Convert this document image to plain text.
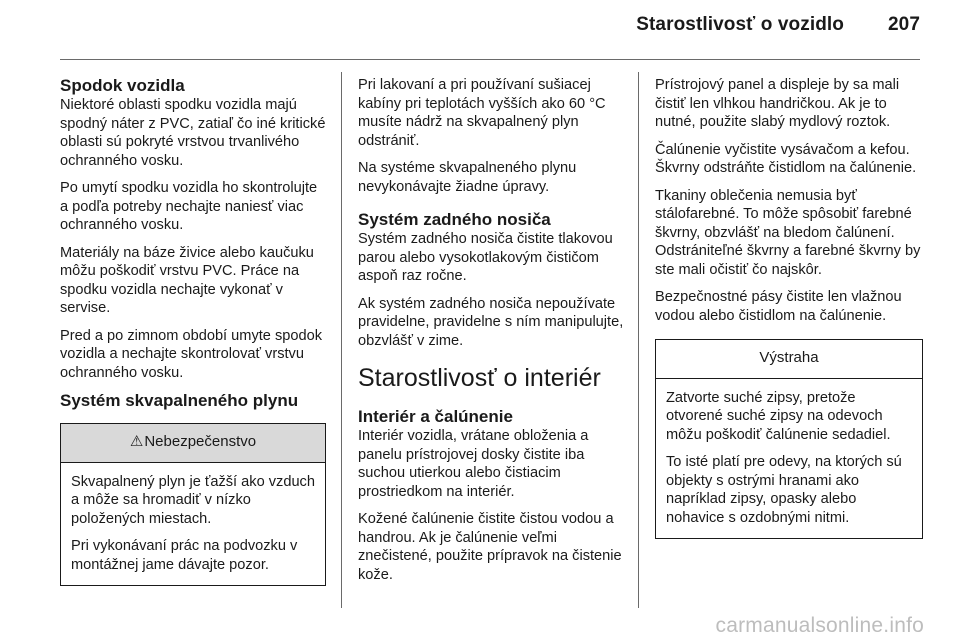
Starostlivosť o vozidlo 207
Spodok vozidla

Niektoré oblasti spodku vozidla majú spodný náter z PVC, zatiaľ čo iné kritické oblasti sú pokryté vrstvou trvanlivého ochranného vosku.

Po umytí spodku vozidla ho skontrolujte a podľa potreby nechajte naniesť viac ochranného vosku.

Materiály na báze živice alebo kaučuku môžu poškodiť vrstvu PVC. Práce na spodku vozidla nechajte vykonať v servise.

Pred a po zimnom období umyte spodok vozidla a nechajte skontrolovať vrstvu ochranného vosku.

Systém skvapalneného plynu
⚠Nebezpečenstvo

Skvapalnený plyn je ťažší ako vzduch a môže sa hromadiť v nízko položených miestach.

Pri vykonávaní prác na podvozku v montážnej jame dávajte pozor.

Pri lakovaní a pri používaní sušiacej kabíny pri teplotách vyšších ako 60 °C musíte nádrž na skvapalnený plyn odstrániť.

Na systéme skvapalneného plynu nevykonávajte žiadne úpravy.

Systém zadného nosiča

Systém zadného nosiča čistite tlakovou parou alebo vysokotlakovým čističom aspoň raz ročne.

Ak systém zadného nosiča nepoužívate pravidelne, pravidelne s ním manipulujte, obzvlášť v zime.

Starostlivosť o interiér
Interiér a čalúnenie

Interiér vozidla, vrátane obloženia a panelu prístrojovej dosky čistite iba suchou utierkou alebo čistiacim prostriedkom na interiér.

Kožené čalúnenie čistite čistou vodou a handrou. Ak je čalúnenie veľmi znečistené, použite prípravok na čistenie kože.

Prístrojový panel a displeje by sa mali čistiť len vlhkou handričkou. Ak je to nutné, použite slabý mydlový roztok.

Čalúnenie vyčistite vysávačom a kefou. Škvrny odstráňte čistidlom na čalúnenie.

Tkaniny oblečenia nemusia byť stálofarebné. To môže spôsobiť farebné škvrny, obzvlášť na bledom čalúnení. Odstrániteľné škvrny a farebné škvrny by ste mali očistiť čo najskôr.

Bezpečnostné pásy čistite len vlažnou vodou alebo čistidlom na čalúnenie.

Výstraha

Zatvorte suché zipsy, pretože otvorené suché zipsy na odevoch môžu poškodiť čalúnenie sedadiel.

To isté platí pre odevy, na ktorých sú objekty s ostrými hranami ako napríklad zipsy, opasky alebo nohavice s ozdobnými nitmi.

carmanualsonline.info
